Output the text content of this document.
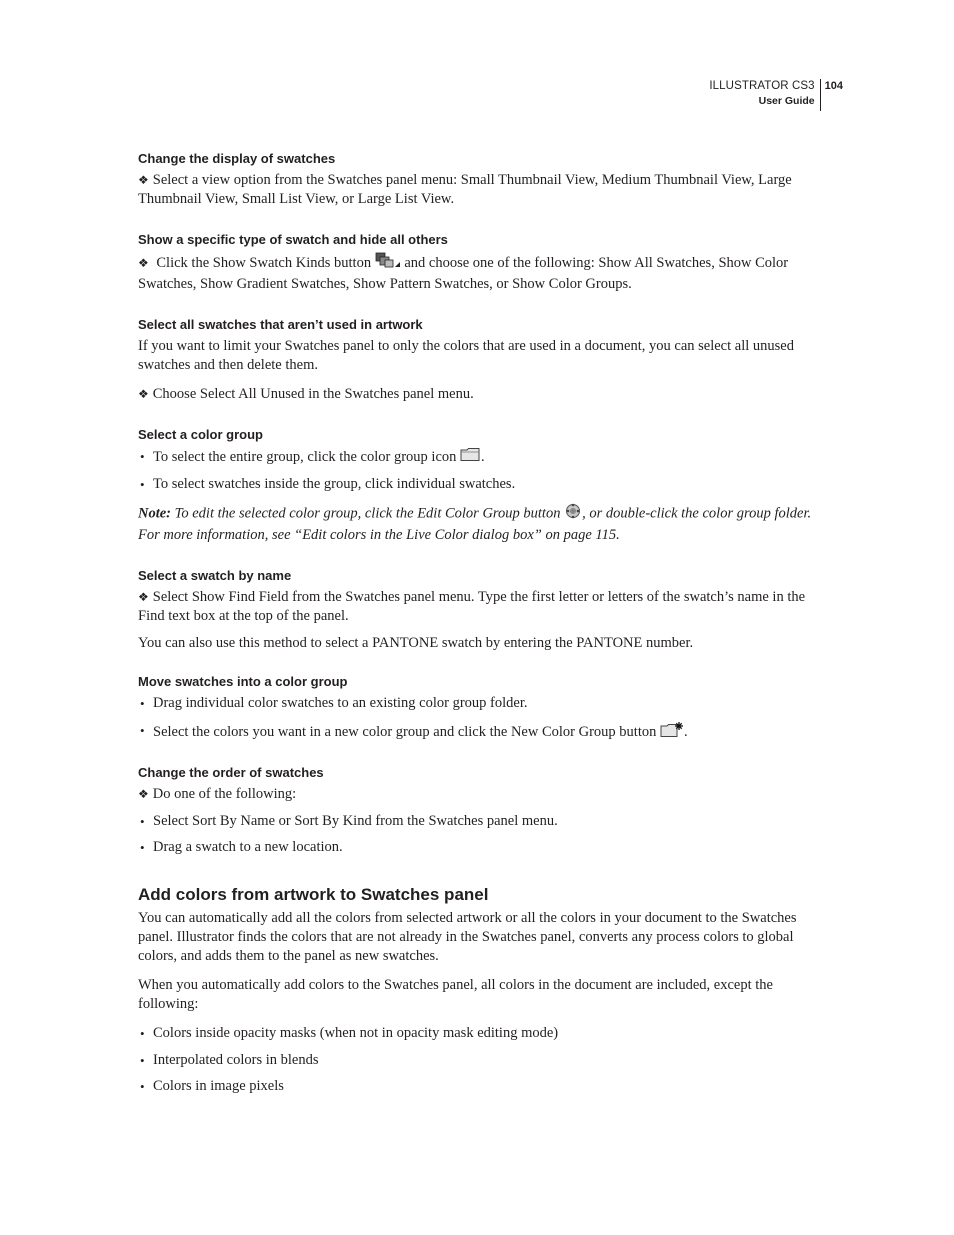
ILLUSTRATOR CS3
User Guide
104
Change the display of swatches
❖ Select a view option from the Swatches panel menu: Small Thumbnail View, Medium Thumbnail View, Large Thumbnail View, Small List View, or Large List View.
Show a specific type of swatch and hide all others
❖ Click the Show Swatch Kinds button and choose one of the following: Show All Swatches, Show Color Swatches, Show Gradient Swatches, Show Pattern Swatches, or Show Color Groups.
Select all swatches that aren’t used in artwork

If you want to limit your Swatches panel to only the colors that are used in a document, you can select all unused swatches and then delete them.

❖ Choose Select All Unused in the Swatches panel menu.
Select a color group
• To select the entire group, click the color group icon .
• To select swatches inside the group, click individual swatches.
Note: To edit the selected color group, click the Edit Color Group button , or double-click the color group folder. For more information, see “Edit colors in the Live Color dialog box” on page 115.
Select a swatch by name
❖ Select Show Find Field from the Swatches panel menu. Type the first letter or letters of the swatch’s name in the Find text box at the top of the panel.

You can also use this method to select a PANTONE swatch by entering the PANTONE number.

Move swatches into a color group
• Drag individual color swatches to an existing color group folder.
• Select the colors you want in a new color group and click the New Color Group button .
Change the order of swatches
❖ Do one of the following:
• Select Sort By Name or Sort By Kind from the Swatches panel menu.
• Drag a swatch to a new location.
Add colors from artwork to Swatches panel

You can automatically add all the colors from selected artwork or all the colors in your document to the Swatches panel. Illustrator finds the colors that are not already in the Swatches panel, converts any process colors to global colors, and adds them to the panel as new swatches.

When you automatically add colors to the Swatches panel, all colors in the document are included, except the following:

• Colors inside opacity masks (when not in opacity mask editing mode)
• Interpolated colors in blends
• Colors in image pixels
